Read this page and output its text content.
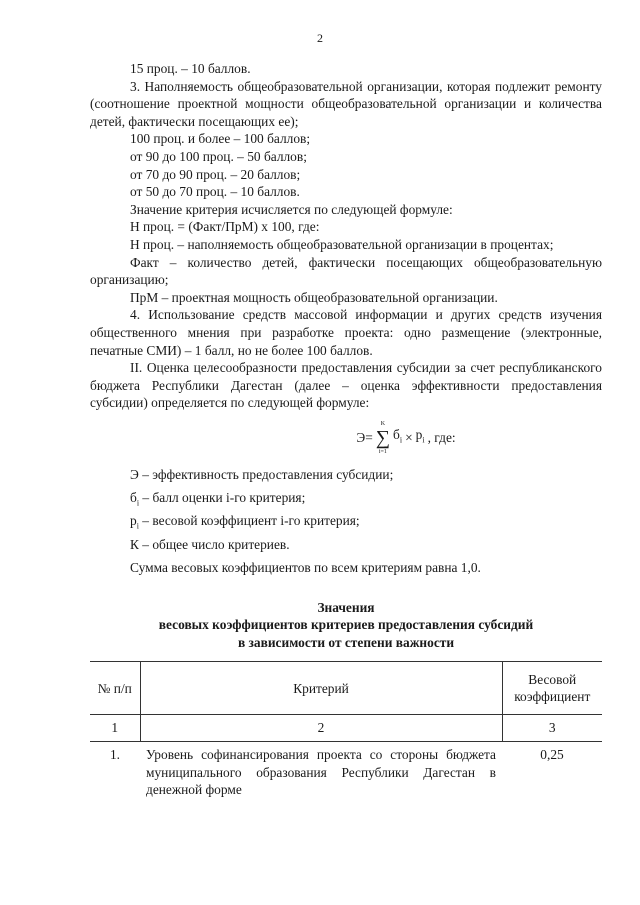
2

15 проц. – 10 баллов.

3. Наполняемость общеобразовательной организации, которая подлежит ремонту (соотношение проектной мощности общеобразовательной организации и количества детей, фактически посещающих ее);

100 проц. и более – 100 баллов;

от 90 до 100 проц. – 50 баллов;

от 70 до 90 проц. – 20 баллов;

от 50 до 70 проц. – 10 баллов.

Значение критерия исчисляется по следующей формуле:

Н проц. = (Факт/ПрМ) х 100, где:

Н проц. – наполняемость общеобразовательной организации в процентах;

Факт – количество детей, фактически посещающих общеобразовательную организацию;

ПрМ – проектная мощность общеобразовательной организации.

4. Использование средств массовой информации и других средств изучения общественного мнения при разработке проекта: одно размещение (электронные, печатные СМИ) – 1 балл, но не более 100 баллов.

II. Оценка целесообразности предоставления субсидии за счет республиканского бюджета Республики Дагестан (далее – оценка эффективности предоставления субсидии) определяется по следующей формуле:

Э=
K
∑
i=1
$б_i \times p_i$ , где:

Э – эффективность предоставления субсидии;

$б_i$ – балл оценки i-го критерия;

$p_i$ – весовой коэффициент i-го критерия;

К – общее число критериев.

Сумма весовых коэффициентов по всем критериям равна 1,0.

Значения
весовых коэффициентов критериев предоставления субсидий
в зависимости от степени важности
№ п/п	Критерий	Весовой коэффициент
1	2	3
1.	Уровень софинансирования проекта со стороны бюджета муниципального образования Республики Дагестан в денежной форме	0,25
